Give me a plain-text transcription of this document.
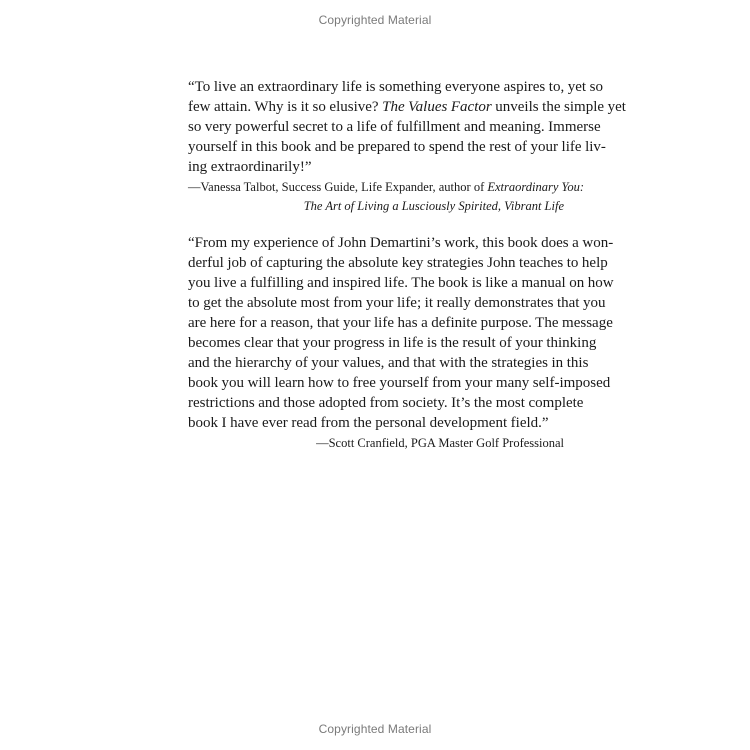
Copyrighted Material

“To live an extraordinary life is something everyone aspires to, yet so
few attain. Why is it so elusive? The Values Factor unveils the simple yet
so very powerful secret to a life of fulfillment and meaning. Immerse
yourself in this book and be prepared to spend the rest of your life liv-
ing extraordinarily!”

—Vanessa Talbot, Success Guide, Life Expander, author of Extraordinary You:
The Art of Living a Lusciously Spirited, Vibrant Life

“From my experience of John Demartini’s work, this book does a won-
derful job of capturing the absolute key strategies John teaches to help
you live a fulfilling and inspired life. The book is like a manual on how
to get the absolute most from your life; it really demonstrates that you
are here for a reason, that your life has a definite purpose. The message
becomes clear that your progress in life is the result of your thinking
and the hierarchy of your values, and that with the strategies in this
book you will learn how to free yourself from your many self-imposed
restrictions and those adopted from society. It’s the most complete
book I have ever read from the personal development field.”

—Scott Cranfield, PGA Master Golf Professional

Copyrighted Material
